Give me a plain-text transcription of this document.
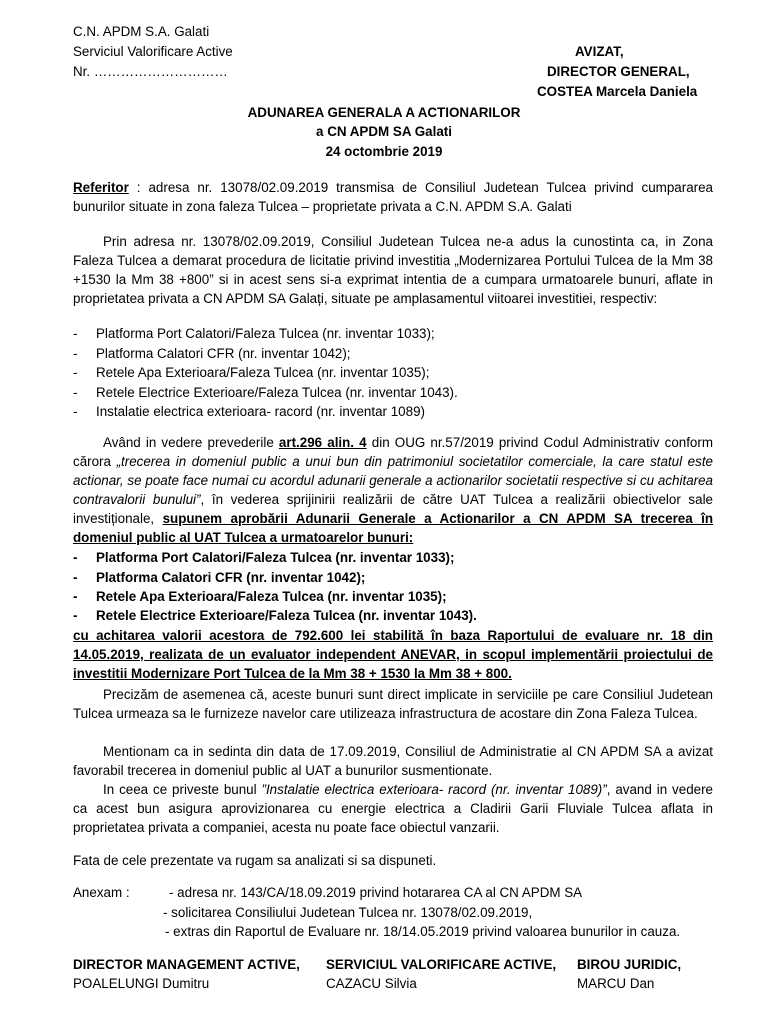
C.N. APDM S.A. Galati
Serviciul Valorificare Active
Nr. …………………………
AVIZAT,
DIRECTOR GENERAL,
COSTEA Marcela Daniela
ADUNAREA GENERALA A ACTIONARILOR
a CN APDM SA Galati
24 octombrie 2019
Referitor : adresa nr. 13078/02.09.2019 transmisa de Consiliul Judetean Tulcea privind cumpararea bunurilor situate in zona faleza Tulcea – proprietate privata a C.N. APDM S.A. Galati
Prin adresa nr. 13078/02.09.2019, Consiliul Judetean Tulcea ne-a adus la cunostinta ca, in Zona Faleza Tulcea a demarat procedura de licitatie privind investitia „Modernizarea Portului Tulcea de la Mm 38 +1530 la Mm 38 +800” si in acest sens si-a exprimat intentia de a cumpara urmatoarele bunuri, aflate in proprietatea privata a CN APDM SA Galați, situate pe amplasamentul viitoarei investitiei, respectiv:
- Platforma Port Calatori/Faleza Tulcea (nr. inventar 1033);
- Platforma Calatori CFR (nr. inventar 1042);
- Retele Apa Exterioara/Faleza Tulcea (nr. inventar 1035);
- Retele Electrice Exterioare/Faleza Tulcea (nr. inventar 1043).
- Instalatie electrica exterioara- racord (nr. inventar 1089)
Având in vedere prevederile art.296 alin. 4 din OUG nr.57/2019 privind Codul Administrativ conform cărora „trecerea in domeniul public a unui bun din patrimoniul societatilor comerciale, la care statul este actionar, se poate face numai cu acordul adunarii generale a actionarilor societatii respective si cu achitarea contravalorii bunului”, în vederea sprijinirii realizării de către UAT Tulcea a realizării obiectivelor sale investiționale, supunem aprobării Adunarii Generale a Actionarilor a CN APDM SA trecerea în domeniul public al UAT Tulcea a urmatoarelor bunuri:
- Platforma Port Calatori/Faleza Tulcea (nr. inventar 1033);
- Platforma Calatori CFR (nr. inventar 1042);
- Retele Apa Exterioara/Faleza Tulcea (nr. inventar 1035);
- Retele Electrice Exterioare/Faleza Tulcea (nr. inventar 1043).
cu achitarea valorii acestora de 792.600 lei stabilită în baza Raportului de evaluare nr. 18 din 14.05.2019, realizata de un evaluator independent ANEVAR, in scopul implementării proiectului de investitii Modernizare Port Tulcea de la Mm 38 + 1530 la Mm 38 + 800.
Precizăm de asemenea că, aceste bunuri sunt direct implicate in serviciile pe care Consiliul Judetean Tulcea urmeaza sa le furnizeze navelor care utilizeaza infrastructura de acostare din Zona Faleza Tulcea.
Mentionam ca in sedinta din data de 17.09.2019, Consiliul de Administratie al CN APDM SA a avizat favorabil trecerea in domeniul public al UAT a bunurilor susmentionate.
In ceea ce priveste bunul ”Instalatie electrica exterioara- racord (nr. inventar 1089)”, avand in vedere ca acest bun asigura aprovizionarea cu energie electrica a Cladirii Garii Fluviale Tulcea aflata in proprietatea privata a companiei, acesta nu poate face obiectul vanzarii.
Fata de cele prezentate va rugam sa analizati si sa dispuneti.
Anexam :	- adresa nr. 143/CA/18.09.2019 privind hotararea CA al CN APDM SA
- solicitarea Consiliului Judetean Tulcea nr. 13078/02.09.2019,
- extras din Raportul de Evaluare nr. 18/14.05.2019 privind valoarea bunurilor in cauza.
DIRECTOR MANAGEMENT ACTIVE,
POALELUNGI Dumitru
SERVICIUL VALORIFICARE ACTIVE,
CAZACU Silvia
BIROU JURIDIC,
MARCU Dan
